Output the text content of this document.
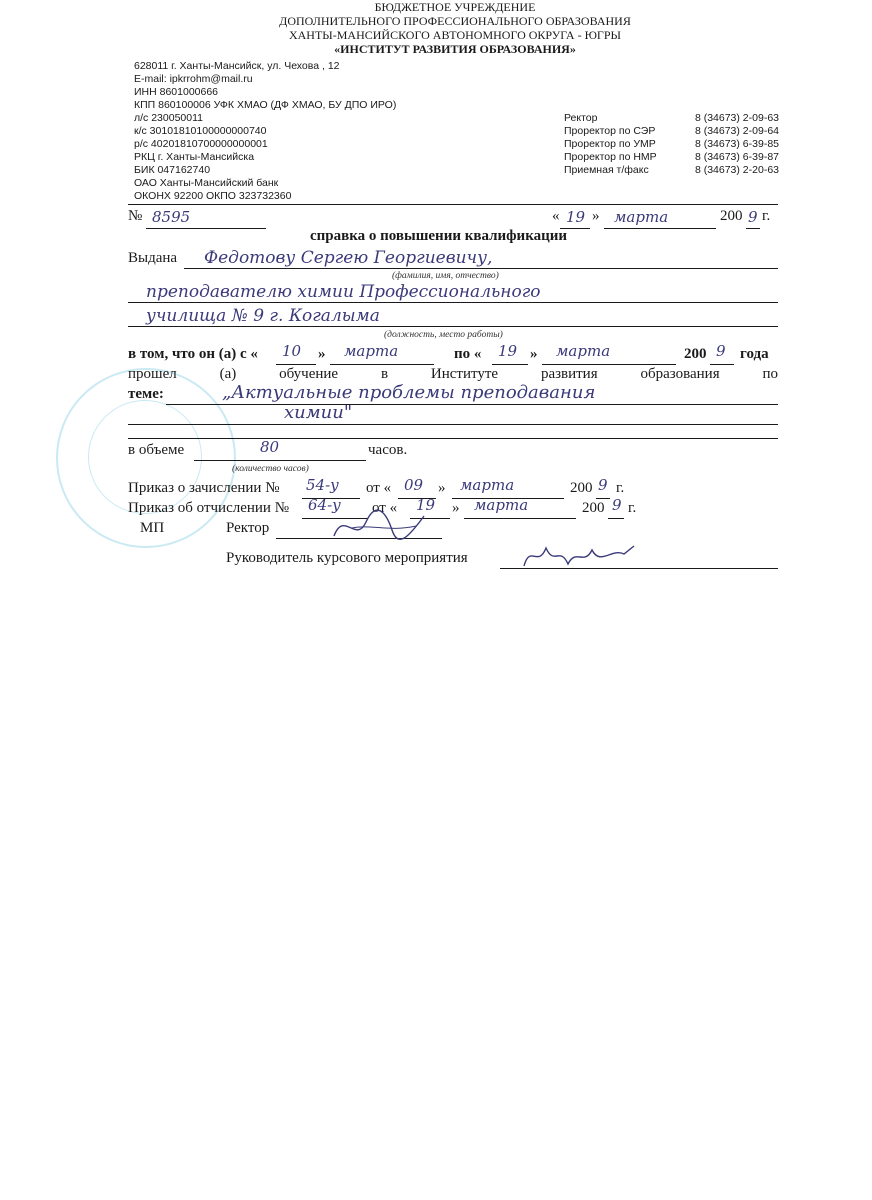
БЮДЖЕТНОЕ УЧРЕЖДЕНИЕ
ДОПОЛНИТЕЛЬНОГО ПРОФЕССИОНАЛЬНОГО ОБРАЗОВАНИЯ
ХАНТЫ-МАНСИЙСКОГО АВТОНОМНОГО ОКРУГА - ЮГРЫ
«ИНСТИТУТ РАЗВИТИЯ ОБРАЗОВАНИЯ»
628011 г. Ханты-Мансийск, ул. Чехова , 12
E-mail: ipkrrohm@mail.ru
ИНН 8601000666
КПП 860100006 УФК ХМАО (ДФ ХМАО, БУ ДПО ИРО)
л/с 230050011
к/с 30101810100000000740
р/с 40201810700000000001
РКЦ г. Ханты-Мансийска
БИК 047162740
ОАО Ханты-Мансийский банк
ОКОНХ 92200 ОКПО 323732360
Ректор	8 (34673) 2-09-63
Проректор по СЭР	8 (34673) 2-09-64
Проректор по УМР	8 (34673) 6-39-85
Проректор по НМР	8 (34673) 6-39-87
Приемная т/факс	8 (34673) 2-20-63
№ 8595	« 19 » марта	200 9 г.
справка о повышении квалификации
Выдана Федотову Сергею Георгиевичу,
(фамилия, имя, отчество)
преподавателю химии Профессионального
училища № 9 г. Когалыма
(должность, место работы)
в том, что он (а) с « 10 » марта	по « 19 » марта	200 9 года
прошел	(а)	обучение	в	Институте	развития	образования	по
теме:	„Актуальные проблемы преподавания
химии"
в объеме	80	часов.
(количество часов)
Приказ о зачислении № 54-у от « 09 » марта	200 9 г.
Приказ об отчислении № 64-у от « 19 » марта	200 9 г.
МП	Ректор
Руководитель курсового мероприятия
